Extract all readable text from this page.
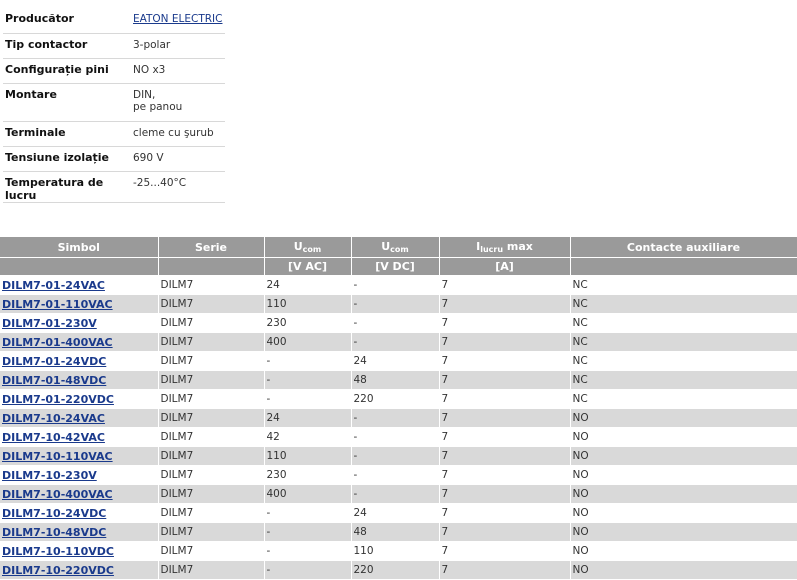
Producător	EATON ELECTRIC
Tip contactor	3-polar

Configurație pini	NO x3

Montare	DIN,
pe panou

Terminale	cleme cu şurub

Tensiune izolație	690 V

Temperatura de lucru	-25...40°C
Simbol	Serie	$U_{com}$	$U_{com}$	$I_{lucru}$ max	Contacte auxiliare
		[V AC]	[V DC]	[A]	
DILM7-01-24VAC	DILM7	24	-	7	NC
DILM7-01-110VAC	DILM7	110	-	7	NC
DILM7-01-230V	DILM7	230	-	7	NC
DILM7-01-400VAC	DILM7	400	-	7	NC
DILM7-01-24VDC	DILM7	-	24	7	NC
DILM7-01-48VDC	DILM7	-	48	7	NC
DILM7-01-220VDC	DILM7	-	220	7	NC
DILM7-10-24VAC	DILM7	24	-	7	NO
DILM7-10-42VAC	DILM7	42	-	7	NO
DILM7-10-110VAC	DILM7	110	-	7	NO
DILM7-10-230V	DILM7	230	-	7	NO
DILM7-10-400VAC	DILM7	400	-	7	NO
DILM7-10-24VDC	DILM7	-	24	7	NO
DILM7-10-48VDC	DILM7	-	48	7	NO
DILM7-10-110VDC	DILM7	-	110	7	NO
DILM7-10-220VDC	DILM7	-	220	7	NO
